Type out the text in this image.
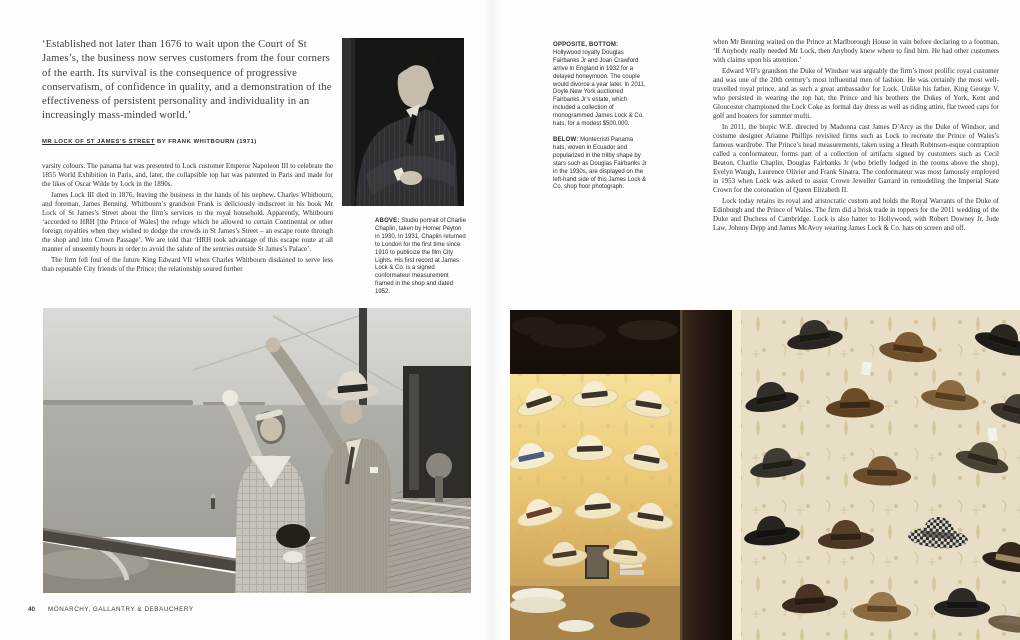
‘Established not later than 1676 to wait upon the Court of St James’s, the business now serves customers from the four corners of the earth. Its survival is the consequence of progressive conservatism, of confidence in quality, and a demonstration of the effectiveness of persistent personality and individuality in an increasingly mass-minded world.’
MR LOCK OF ST JAMES’S STREET BY FRANK WHITBOURN (1971)

varsity colours. The panama hat was presented to Lock customer Emperor Napoleon III to celebrate the 1855 World Exhibition in Paris, and, later, the collapsible top hat was patented in Paris and made for the likes of Oscar Wilde by Lock in the 1890s.

James Lock III died in 1876, leaving the business in the hands of his nephew, Charles Whitbourn, and foreman, James Benning. Whitbourn’s grandson Frank is deliciously indiscreet in his book Mr Lock of St James’s Street about the firm’s services to the royal household. Apparently, Whitbourn ‘accorded to HRH [the Prince of Wales] the refuge which he allowed to certain Continental or other foreign royalties when they wished to dodge the crowds in St James’s Street – an escape route through the shop and into Crown Passage’. We are told that ‘HRH took advantage of this escape route at all manner of unseemly hours in order to avoid the salute of the sentries outside St James’s Palace’.

The firm fell foul of the future King Edward VII when Charles Whitbourn disdained to serve less than reputable City friends of the Prince; the relationship soured further

40 MONARCHY, GALLANTRY & DEBAUCHERY
OPPOSITE, BOTTOM: Hollywood royalty Douglas Fairbanks Jr and Joan Crawford arrive in England in 1932 for a delayed honeymoon. The couple would divorce a year later. In 2011, Doyle New York auctioned Fairbanks Jr’s estate, which included a collection of monogrammed James Lock & Co. hats, for a modest $500,000.
BELOW: Montecristi Panama hats, woven in Ecuador and popularized in the trilby shape by stars such as Douglas Fairbanks Jr in the 1930s, are displayed on the left-hand side of this James Lock & Co. shop floor photograph.
ABOVE: Studio portrait of Charlie Chaplin, taken by Homer Peyton in 1930. In 1931, Chaplin returned to London for the first time since 1910 to publicize the film City Lights. His first record at James Lock & Co. is a signed conformateur measurement framed in the shop and dated 1952.

when Mr Benning waited on the Prince at Marlborough House in vain before declaring to a footman, ‘If Anybody really needed Mr Lock, then Anybody knew where to find him. He had other customers with claims upon his attention.’

Edward VII’s grandson the Duke of Windsor was arguably the firm’s most prolific royal customer and was one of the 20th century’s most influential men of fashion. He was certainly the most well-travelled royal prince, and as such a great ambassador for Lock. Unlike his father, King George V, who persisted in wearing the top hat, the Prince and his brothers the Dukes of York, Kent and Gloucester championed the Lock Coke as formal day dress as well as riding attire, flat tweed caps for golf and boaters for summer mufti.

In 2011, the biopic W.E. directed by Madonna cast James D’Arcy as the Duke of Windsor, and costume designer Arianne Phillips revisited firms such as Lock to recreate the Prince of Wales’s famous wardrobe. The Prince’s head measurements, taken using a Heath Robinson-esque contraption called a conformateur, forms part of a collection of artifacts signed by customers such as Cecil Beaton, Charlie Chaplin, Douglas Fairbanks Jr (who briefly lodged in the rooms above the shop), Evelyn Waugh, Laurence Olivier and Frank Sinatra. The conformateur was most famously employed in 1953 when Lock was asked to assist Crown Jeweller Garrard in remodelling the Imperial State Crown for the coronation of Queen Elizabeth II.

Lock today retains its royal and aristocratic custom and holds the Royal Warrants of the Duke of Edinburgh and the Prince of Wales. The firm did a brisk trade in toppers for the 2011 wedding of the Duke and Duchess of Cambridge. Lock is also hatter to Hollywood, with Robert Downey Jr, Jude Law, Johnny Depp and James McAvoy wearing James Lock & Co. hats on screen and off.
